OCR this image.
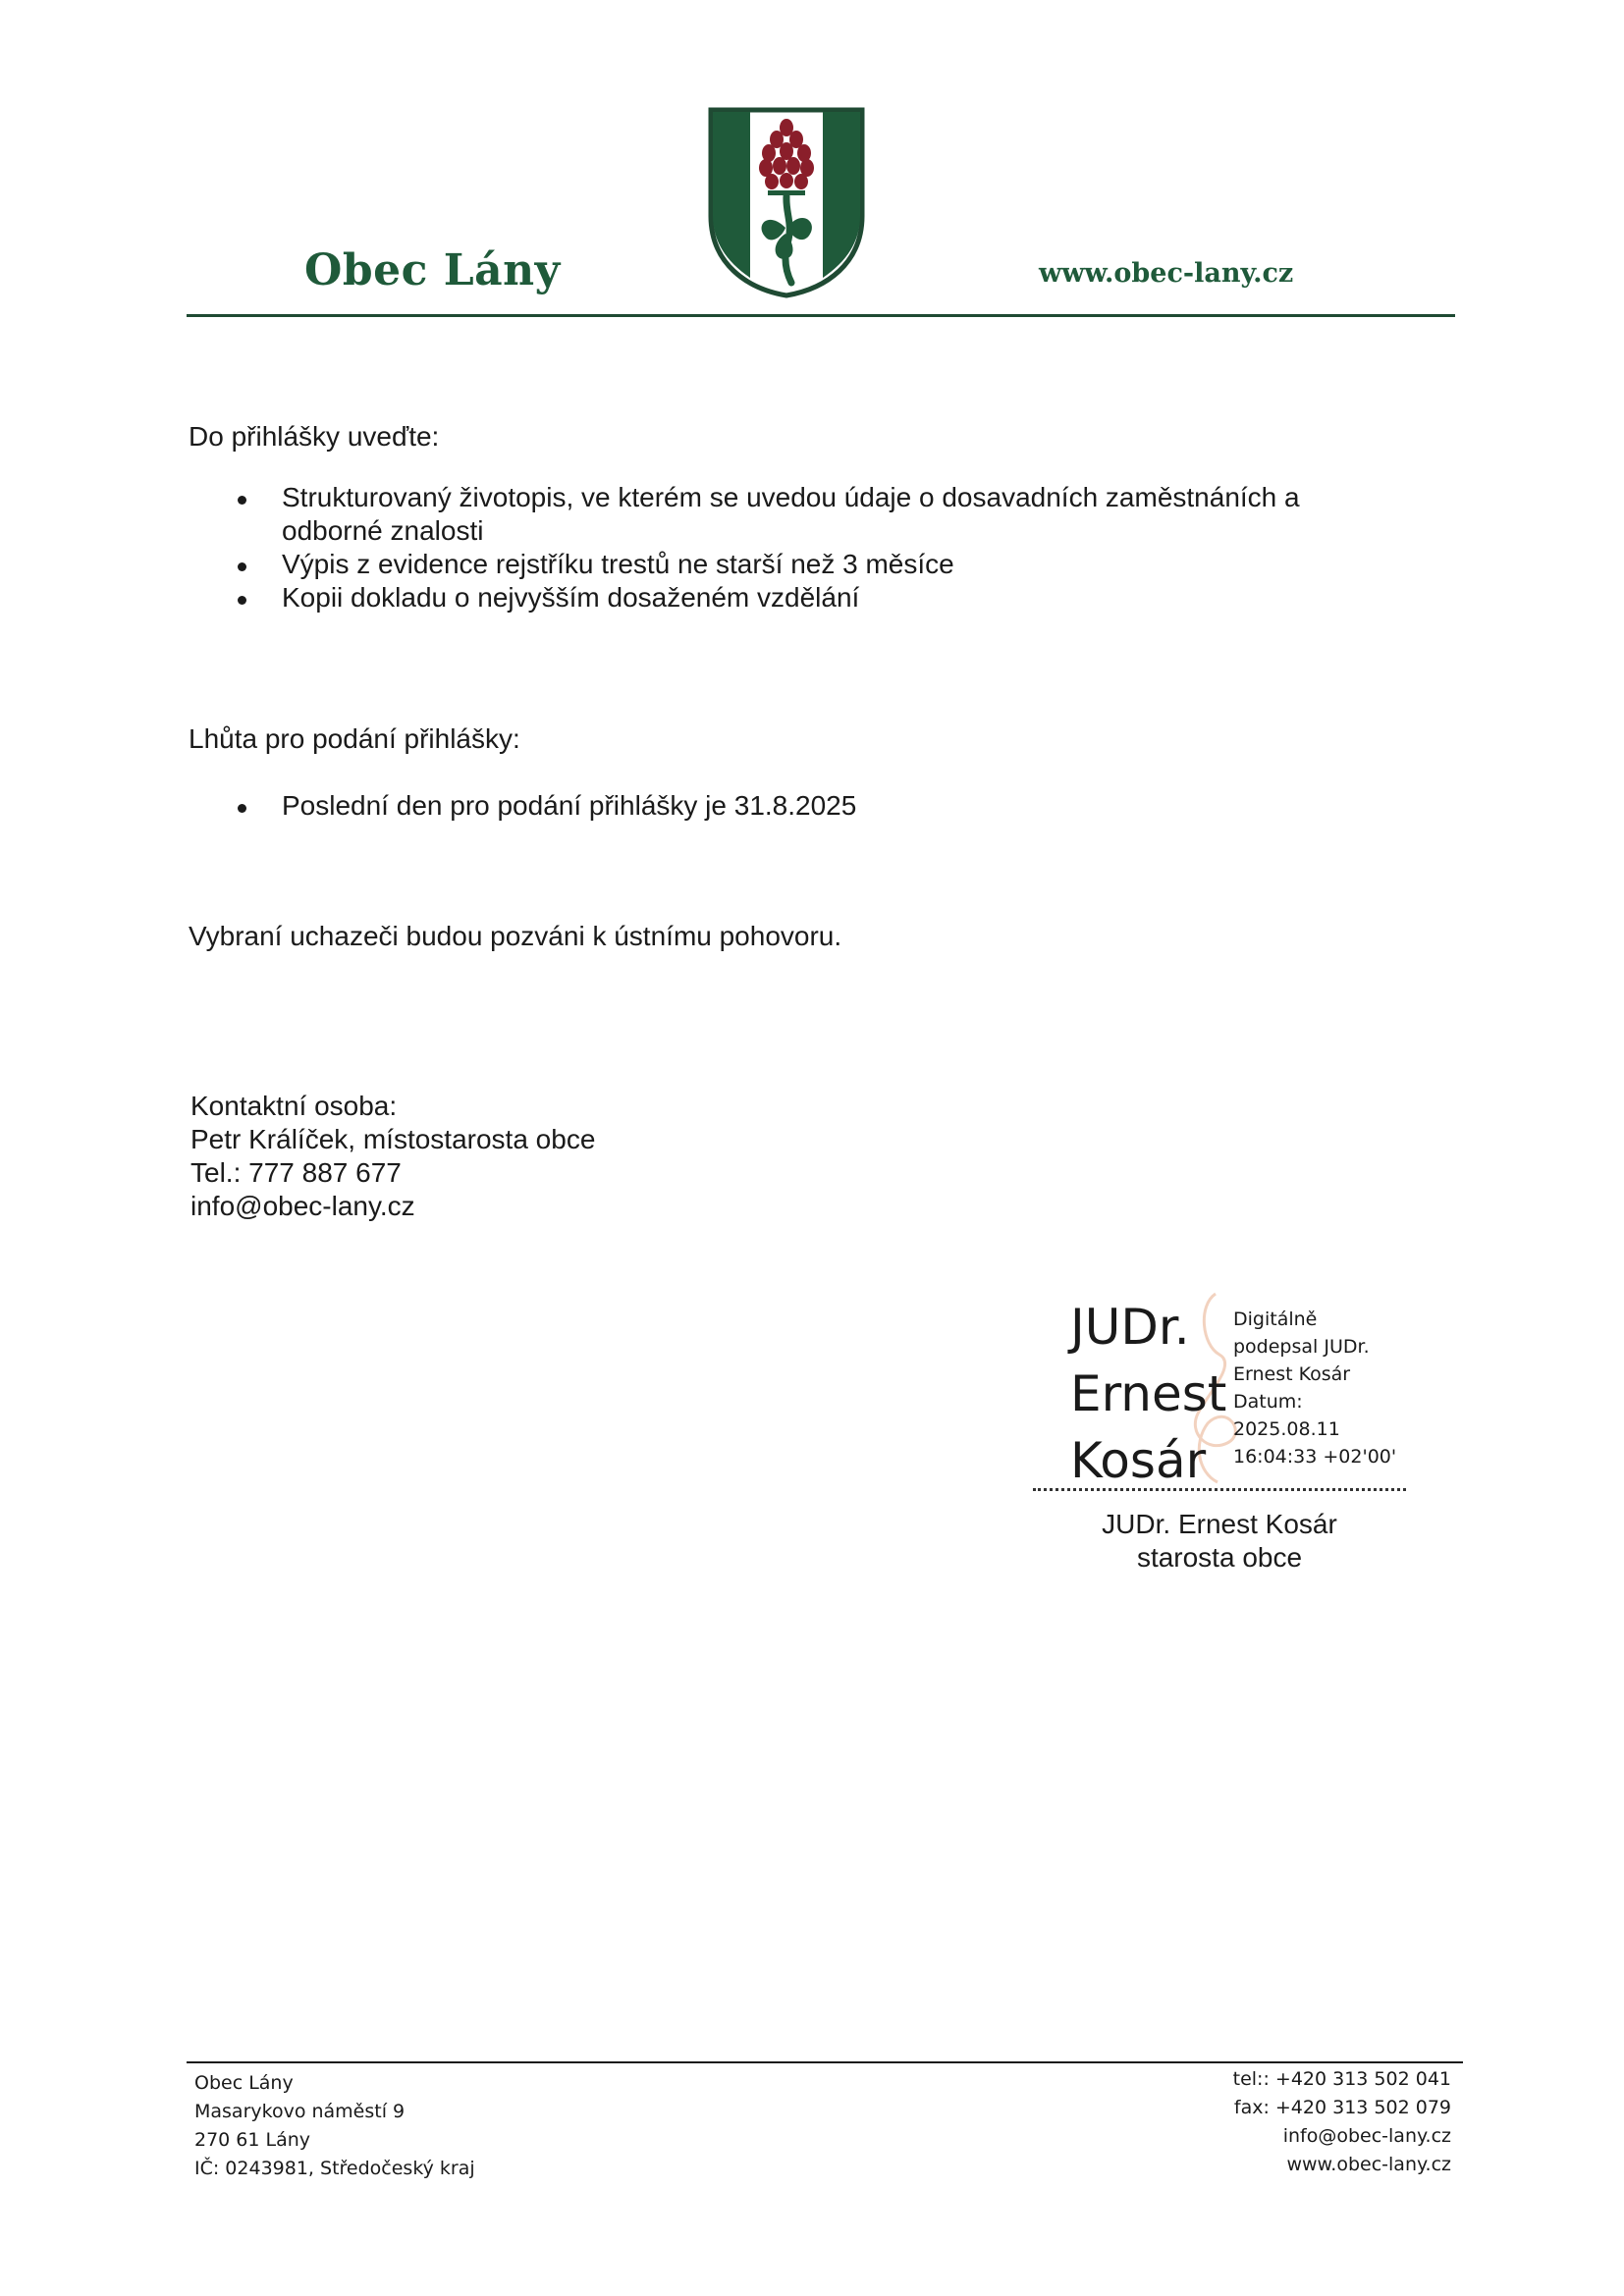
Obec Lány	www.obec-lany.cz
Do přihlášky uveďte:
Strukturovaný životopis, ve kterém se uvedou údaje o dosavadních zaměstnáních a odborné znalosti
Výpis z evidence rejstříku trestů ne starší než 3 měsíce
Kopii dokladu o nejvyšším dosaženém vzdělání
Lhůta pro podání přihlášky:
Poslední den pro podání přihlášky je 31.8.2025
Vybraní uchazeči budou pozváni k ústnímu pohovoru.
Kontaktní osoba:
Petr Králíček, místostarosta obce
Tel.: 777 887 677
info@obec-lany.cz
JUDr.
Ernest
Kosár
Digitálně
podepsal JUDr.
Ernest Kosár
Datum:
2025.08.11
16:04:33 +02'00'
JUDr. Ernest Kosár
starosta obce
Obec Lány
Masarykovo náměstí 9
270 61 Lány
IČ: 0243981, Středočeský kraj
tel:: +420 313 502 041
fax: +420 313 502 079
info@obec-lany.cz
www.obec-lany.cz
